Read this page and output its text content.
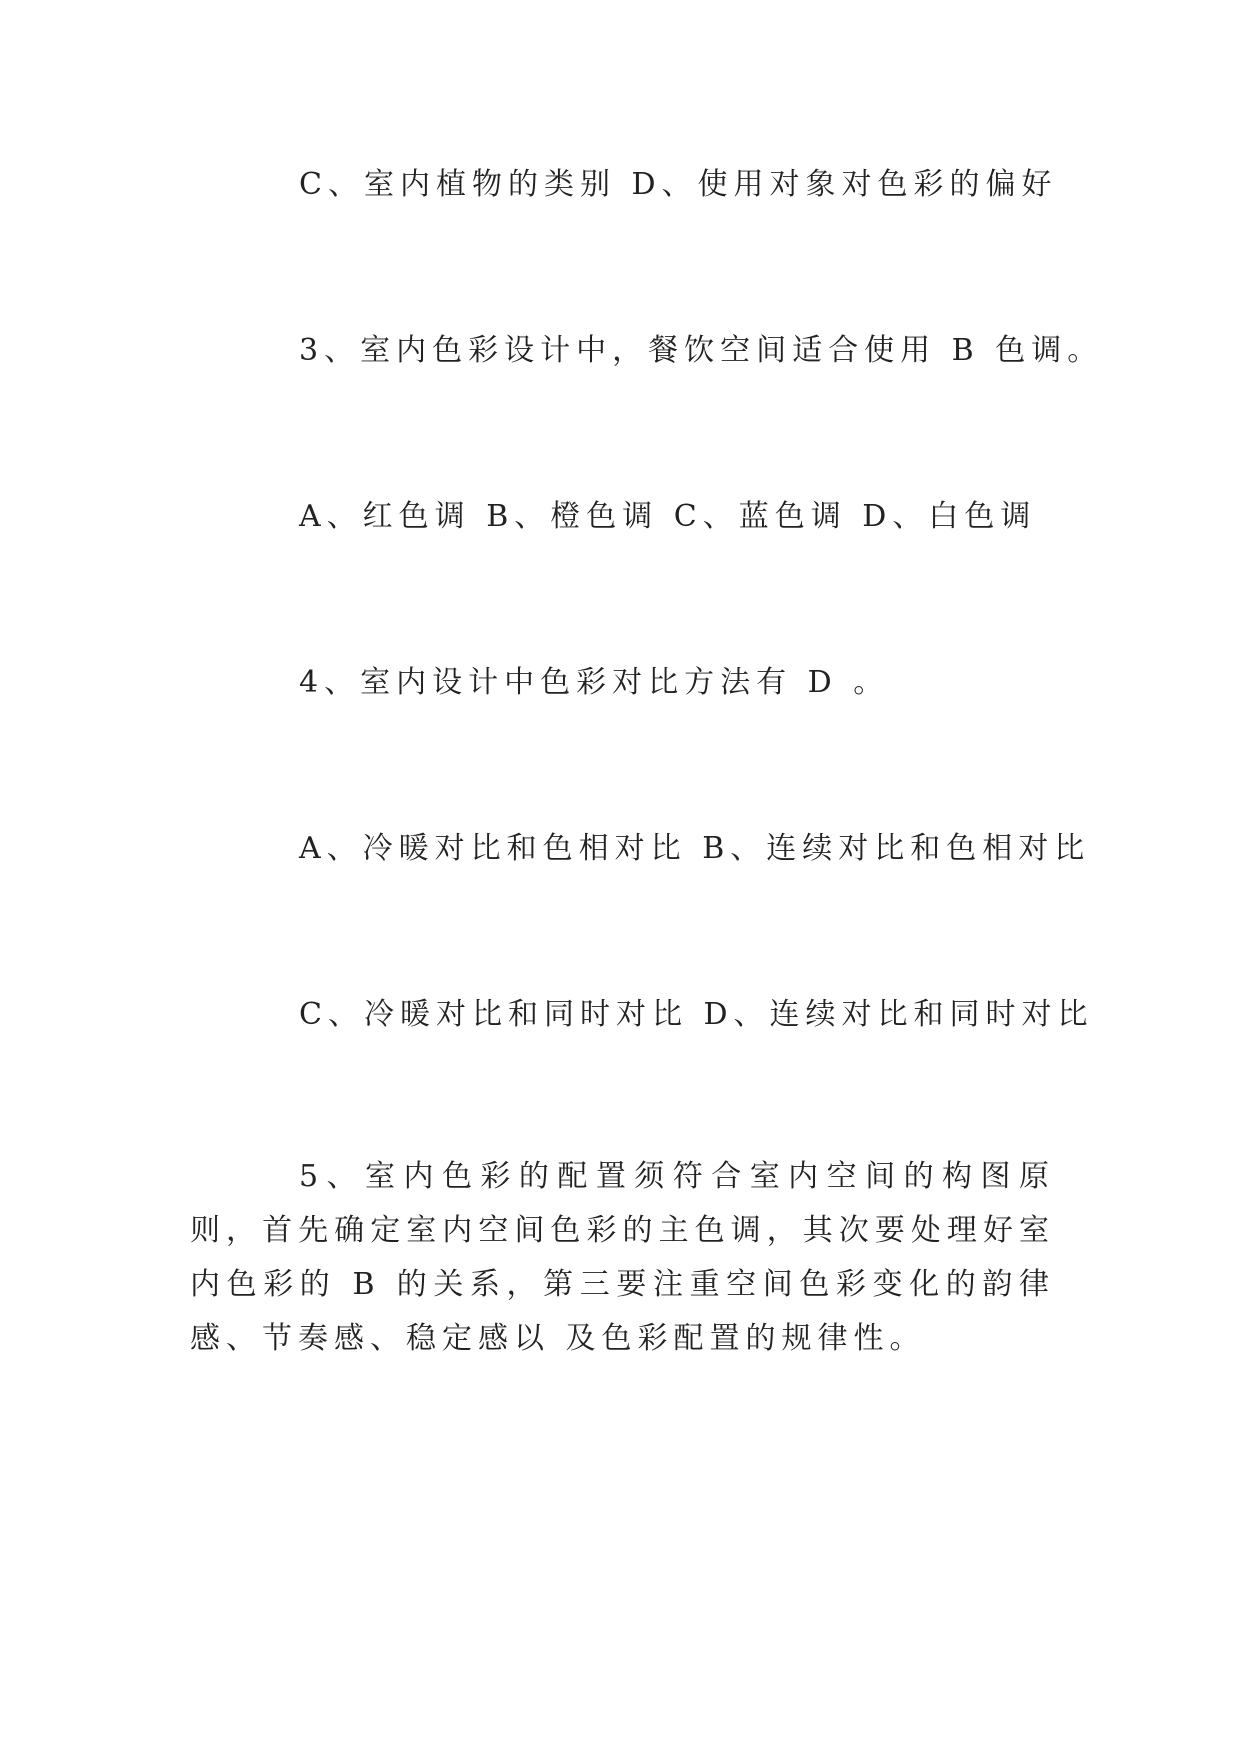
C、室内植物的类别 D、使用对象对色彩的偏好

3、室内色彩设计中，餐饮空间适合使用 B 色调。

A、红色调 B、橙色调 C、蓝色调 D、白色调

4、室内设计中色彩对比方法有 D 。

A、冷暖对比和色相对比 B、连续对比和色相对比

C、冷暖对比和同时对比 D、连续对比和同时对比

5、室内色彩的配置须符合室内空间的构图原则，首先确定室内空间色彩的主色调，其次要处理好室内色彩的 B 的关系，第三要注重空间色彩变化的韵律感、节奏感、稳定感以 及色彩配置的规律性。
